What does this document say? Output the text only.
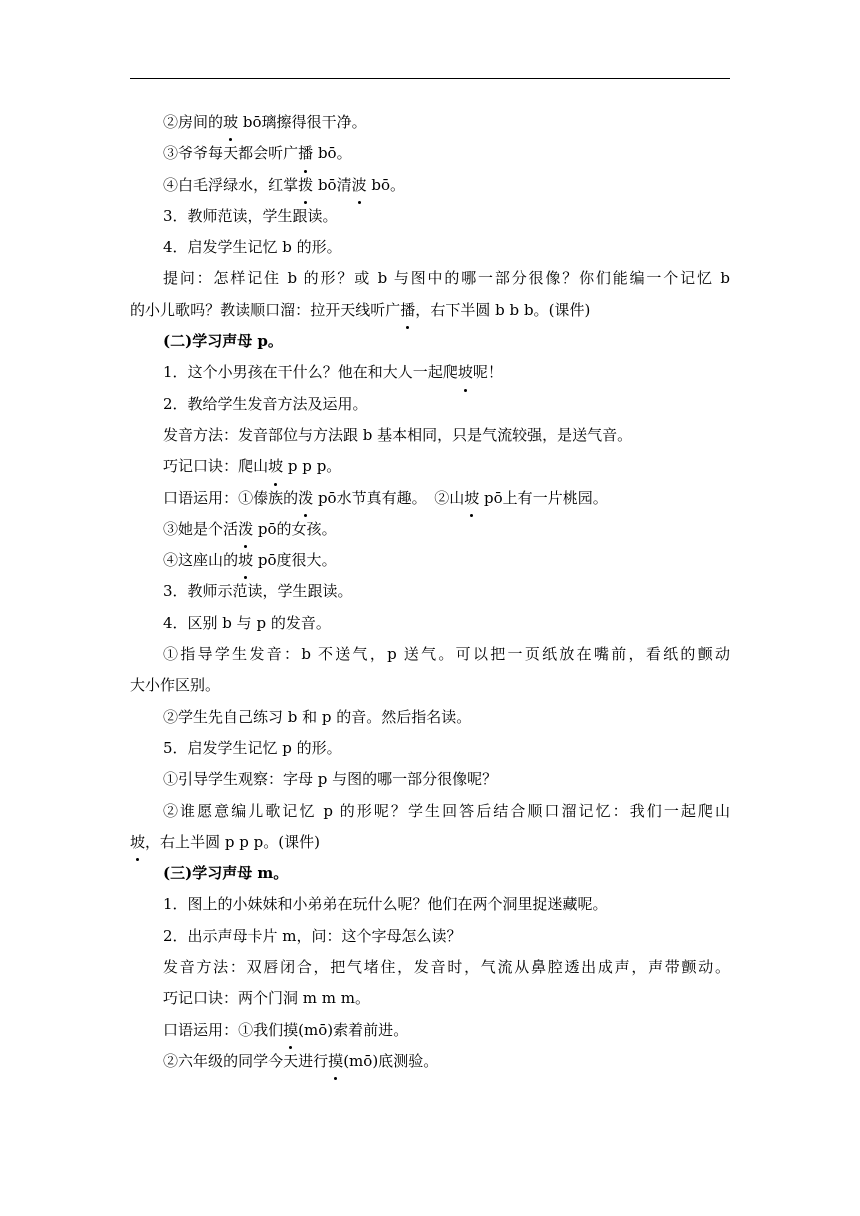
②房间的玻 bō璃擦得很干净。
③爷爷每天都会听广播 bō。
④白毛浮绿水，红掌拨 bō清波 bō。
3．教师范读，学生跟读。
4．启发学生记忆 b 的形。
提问：怎样记住 b 的形？或 b 与图中的哪一部分很像？你们能编一个记忆 b
的小儿歌吗？教读顺口溜：拉开天线听广播，右下半圆 b b b。(课件)
(二)学习声母 p。
1．这个小男孩在干什么？他在和大人一起爬坡呢！
2．教给学生发音方法及运用。
发音方法：发音部位与方法跟 b 基本相同，只是气流较强，是送气音。
巧记口诀：爬山坡 p p p。
口语运用：①傣族的泼 pō水节真有趣。　 ②山坡 pō上有一片桃园。
③她是个活泼 pō的女孩。
④这座山的坡 pō度很大。
3．教师示范读，学生跟读。
4．区别 b 与 p 的发音。
①指导学生发音：b 不送气，p 送气。可以把一页纸放在嘴前，看纸的颤动
大小作区别。
②学生先自己练习 b 和 p 的音。然后指名读。
5．启发学生记忆 p 的形。
①引导学生观察：字母 p 与图的哪一部分很像呢？
②谁愿意编儿歌记忆 p 的形呢？学生回答后结合顺口溜记忆：我们一起爬山
坡，右上半圆 p p p。(课件)
(三)学习声母 m。
1．图上的小妹妹和小弟弟在玩什么呢？他们在两个洞里捉迷藏呢。
2．出示声母卡片 m，问：这个字母怎么读？
发音方法：双唇闭合，把气堵住，发音时，气流从鼻腔透出成声，声带颤动。
巧记口诀：两个门洞 m m m。
口语运用：①我们摸(mō)索着前进。
②六年级的同学今天进行摸(mō)底测验。
